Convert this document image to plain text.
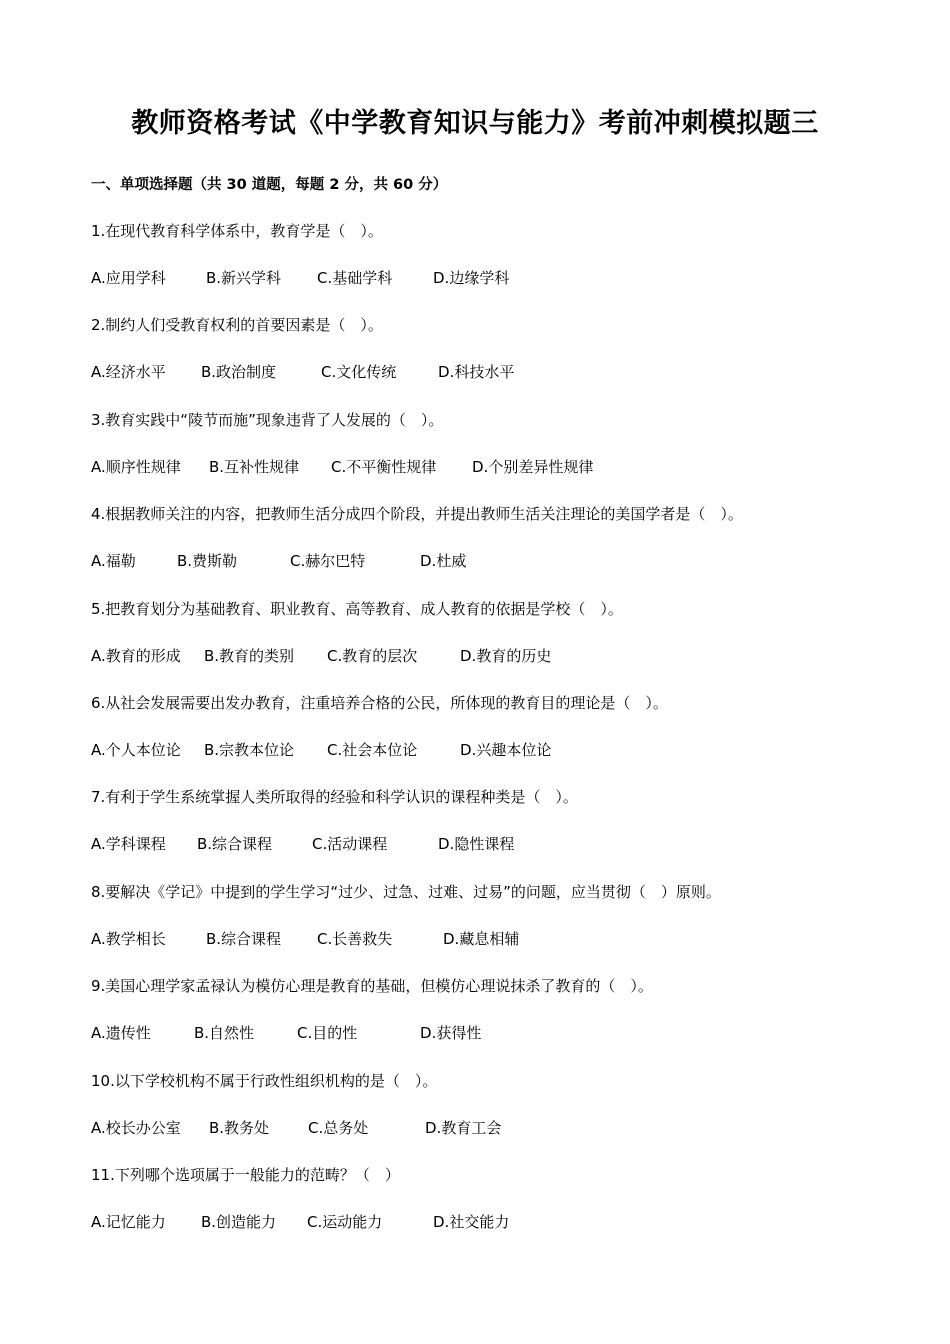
教师资格考试《中学教育知识与能力》考前冲刺模拟题三
一、单项选择题（共 30 道题，每题 2 分，共 60 分）
1.在现代教育科学体系中，教育学是（　）。
A.应用学科	B.新兴学科 C.基础学科	D.边缘学科
2.制约人们受教育权利的首要因素是（　）。
A.经济水平 B.政治制度	C.文化传统	D.科技水平
3.教育实践中“陵节而施”现象违背了人发展的（　）。
A.顺序性规律 B.互补性规律 C.不平衡性规律 D.个别差异性规律
4.根据教师关注的内容，把教师生活分成四个阶段，并提出教师生活关注理论的美国学者是（　）。
A.福勒	B.费斯勒	C.赫尔巴特	D.杜威
5.把教育划分为基础教育、职业教育、高等教育、成人教育的依据是学校（　）。
A.教育的形成 B.教育的类别 C.教育的层次	D.教育的历史
6.从社会发展需要出发办教育，注重培养合格的公民，所体现的教育目的理论是（　）。
A.个人本位论 B.宗教本位论 C.社会本位论	D.兴趣本位论
7.有利于学生系统掌握人类所取得的经验和科学认识的课程种类是（　）。
A.学科课程 B.综合课程	C.活动课程	D.隐性课程
8.要解决《学记》中提到的学生学习“过少、过急、过难、过易”的问题，应当贯彻（　）原则。
A.教学相长	B.综合课程 C.长善救失	D.藏息相辅
9.美国心理学家孟禄认为模仿心理是教育的基础，但模仿心理说抹杀了教育的（　）。
A.遗传性	B.自然性	C.目的性	D.获得性
10.以下学校机构不属于行政性组织机构的是（　）。
A.校长办公室 B.教务处	C.总务处	D.教育工会
11.下列哪个选项属于一般能力的范畴？（　）
A.记忆能力 B.创造能力 C.运动能力	D.社交能力
